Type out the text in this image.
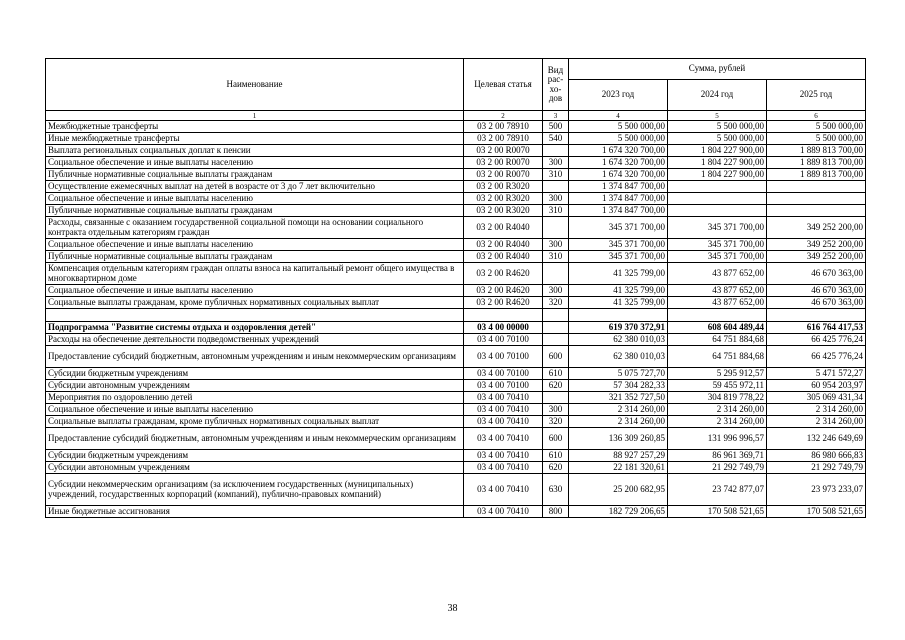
Наименование	Целевая статья	Вид рас-хо-дов	Сумма, рублей		
			2023 год	2024 год	2025 год
1	2	3	4	5	6
Межбюджетные трансферты	03 2 00 78910	500	5 500 000,00	5 500 000,00	5 500 000,00
Иные межбюджетные трансферты	03 2 00 78910	540	5 500 000,00	5 500 000,00	5 500 000,00
Выплата региональных социальных доплат к пенсии	03 2 00 R0070		1 674 320 700,00	1 804 227 900,00	1 889 813 700,00
Социальное обеспечение и иные выплаты населению	03 2 00 R0070	300	1 674 320 700,00	1 804 227 900,00	1 889 813 700,00
Публичные нормативные социальные выплаты гражданам	03 2 00 R0070	310	1 674 320 700,00	1 804 227 900,00	1 889 813 700,00
Осуществление ежемесячных выплат на детей в возрасте от 3 до 7 лет включительно	03 2 00 R3020		1 374 847 700,00		
Социальное обеспечение и иные выплаты населению	03 2 00 R3020	300	1 374 847 700,00		
Публичные нормативные социальные выплаты гражданам	03 2 00 R3020	310	1 374 847 700,00		
Расходы, связанные с оказанием государственной социальной помощи на основании социального контракта отдельным категориям граждан	03 2 00 R4040		345 371 700,00	345 371 700,00	349 252 200,00
Социальное обеспечение и иные выплаты населению	03 2 00 R4040	300	345 371 700,00	345 371 700,00	349 252 200,00
Публичные нормативные социальные выплаты гражданам	03 2 00 R4040	310	345 371 700,00	345 371 700,00	349 252 200,00
Компенсация отдельным категориям граждан оплаты взноса на капитальный ремонт общего имущества в многоквартирном доме	03 2 00 R4620		41 325 799,00	43 877 652,00	46 670 363,00
Социальное обеспечение и иные выплаты населению	03 2 00 R4620	300	41 325 799,00	43 877 652,00	46 670 363,00
Социальные выплаты гражданам, кроме публичных нормативных социальных выплат	03 2 00 R4620	320	41 325 799,00	43 877 652,00	46 670 363,00

Подпрограмма "Развитие системы отдыха и оздоровления детей"	03 4 00 00000		619 370 372,91	608 604 489,44	616 764 417,53
Расходы на обеспечение деятельности подведомственных учреждений	03 4 00 70100		62 380 010,03	64 751 884,68	66 425 776,24
Предоставление субсидий бюджетным, автономным учреждениям и иным некоммерческим организациям	03 4 00 70100	600	62 380 010,03	64 751 884,68	66 425 776,24
Субсидии бюджетным учреждениям	03 4 00 70100	610	5 075 727,70	5 295 912,57	5 471 572,27
Субсидии автономным учреждениям	03 4 00 70100	620	57 304 282,33	59 455 972,11	60 954 203,97
Мероприятия по оздоровлению детей	03 4 00 70410		321 352 727,50	304 819 778,22	305 069 431,34
Социальное обеспечение и иные выплаты населению	03 4 00 70410	300	2 314 260,00	2 314 260,00	2 314 260,00
Социальные выплаты гражданам, кроме публичных нормативных социальных выплат	03 4 00 70410	320	2 314 260,00	2 314 260,00	2 314 260,00
Предоставление субсидий бюджетным, автономным учреждениям и иным некоммерческим организациям	03 4 00 70410	600	136 309 260,85	131 996 996,57	132 246 649,69
Субсидии бюджетным учреждениям	03 4 00 70410	610	88 927 257,29	86 961 369,71	86 980 666,83
Субсидии автономным учреждениям	03 4 00 70410	620	22 181 320,61	21 292 749,79	21 292 749,79
Субсидии некоммерческим организациям (за исключением государственных (муниципальных) учреждений, государственных корпораций (компаний), публично-правовых компаний)	03 4 00 70410	630	25 200 682,95	23 742 877,07	23 973 233,07
Иные бюджетные ассигнования	03 4 00 70410	800	182 729 206,65	170 508 521,65	170 508 521,65
38
